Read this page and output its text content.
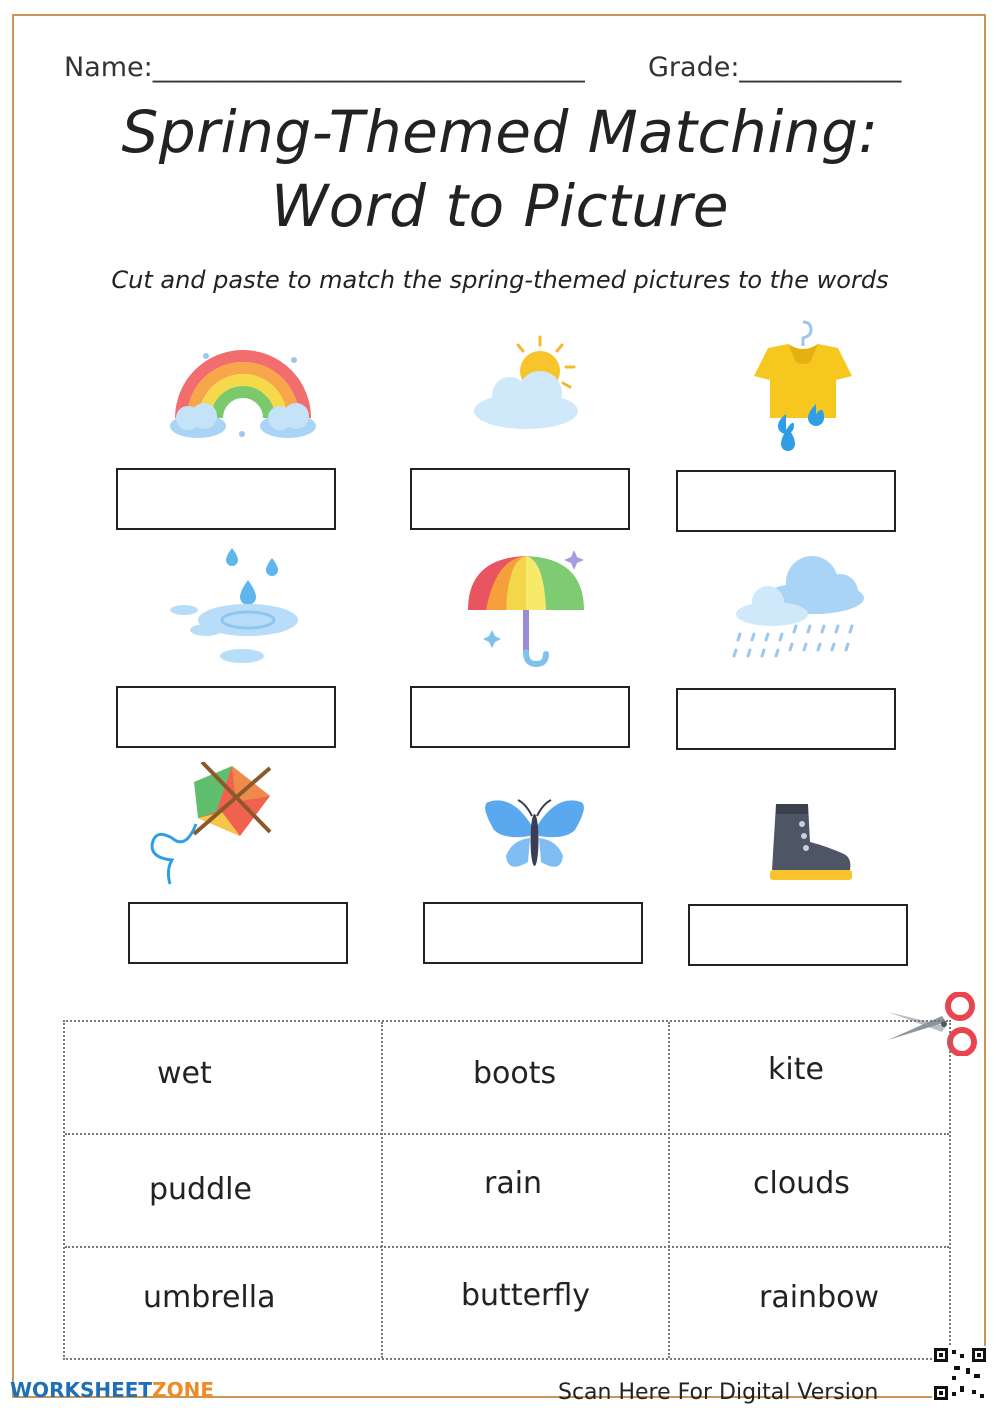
Name:________________________________ Grade:____________
Spring-Themed Matching:
Word to Picture
Cut and paste to match the spring-themed pictures to the words
wet	boots	kite
puddle	rain	clouds
umbrella	butterfly	rainbow
WORKSHEETZONE	Scan Here For Digital Version
